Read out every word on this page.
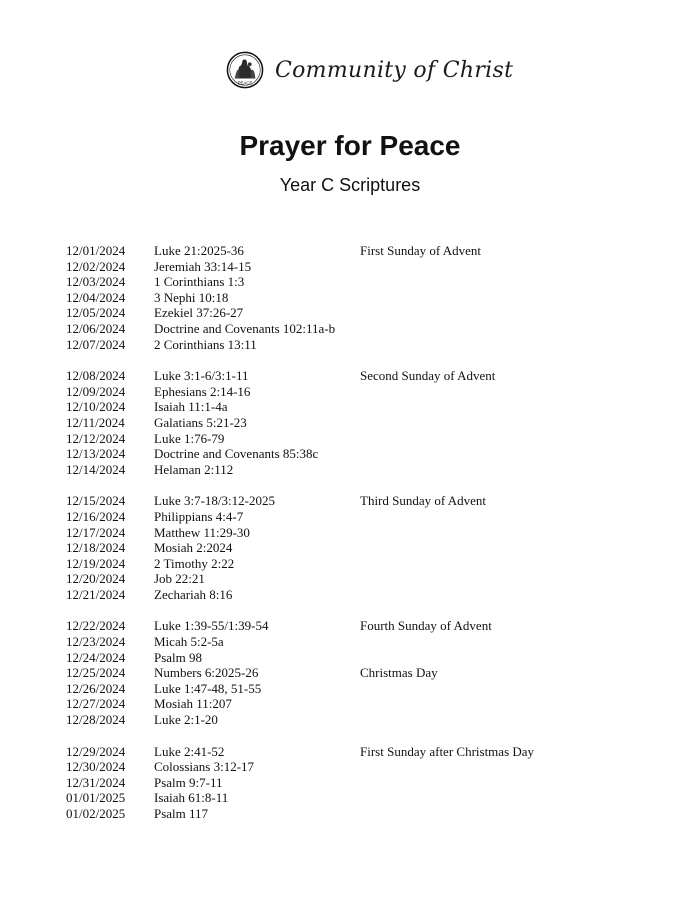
PEACE
Community of Christ
Prayer for Peace
Year C Scriptures
12/01/2024 Luke 21:2025-36	First Sunday of Advent
12/02/2024 Jeremiah 33:14-15
12/03/2024 1 Corinthians 1:3
12/04/2024 3 Nephi 10:18
12/05/2024 Ezekiel 37:26-27
12/06/2024 Doctrine and Covenants 102:11a-b
12/07/2024 2 Corinthians 13:11
12/08/2024 Luke 3:1-6/3:1-11	Second Sunday of Advent
12/09/2024 Ephesians 2:14-16
12/10/2024 Isaiah 11:1-4a
12/11/2024 Galatians 5:21-23
12/12/2024 Luke 1:76-79
12/13/2024 Doctrine and Covenants 85:38c
12/14/2024 Helaman 2:112
12/15/2024 Luke 3:7-18/3:12-2025	Third Sunday of Advent
12/16/2024 Philippians 4:4-7
12/17/2024 Matthew 11:29-30
12/18/2024 Mosiah 2:2024
12/19/2024 2 Timothy 2:22
12/20/2024 Job 22:21
12/21/2024 Zechariah 8:16
12/22/2024 Luke 1:39-55/1:39-54	Fourth Sunday of Advent
12/23/2024 Micah 5:2-5a
12/24/2024 Psalm 98
12/25/2024 Numbers 6:2025-26	Christmas Day
12/26/2024 Luke 1:47-48, 51-55
12/27/2024 Mosiah 11:207
12/28/2024 Luke 2:1-20
12/29/2024 Luke 2:41-52	First Sunday after Christmas Day
12/30/2024 Colossians 3:12-17
12/31/2024 Psalm 9:7-11
01/01/2025 Isaiah 61:8-11
01/02/2025 Psalm 117
